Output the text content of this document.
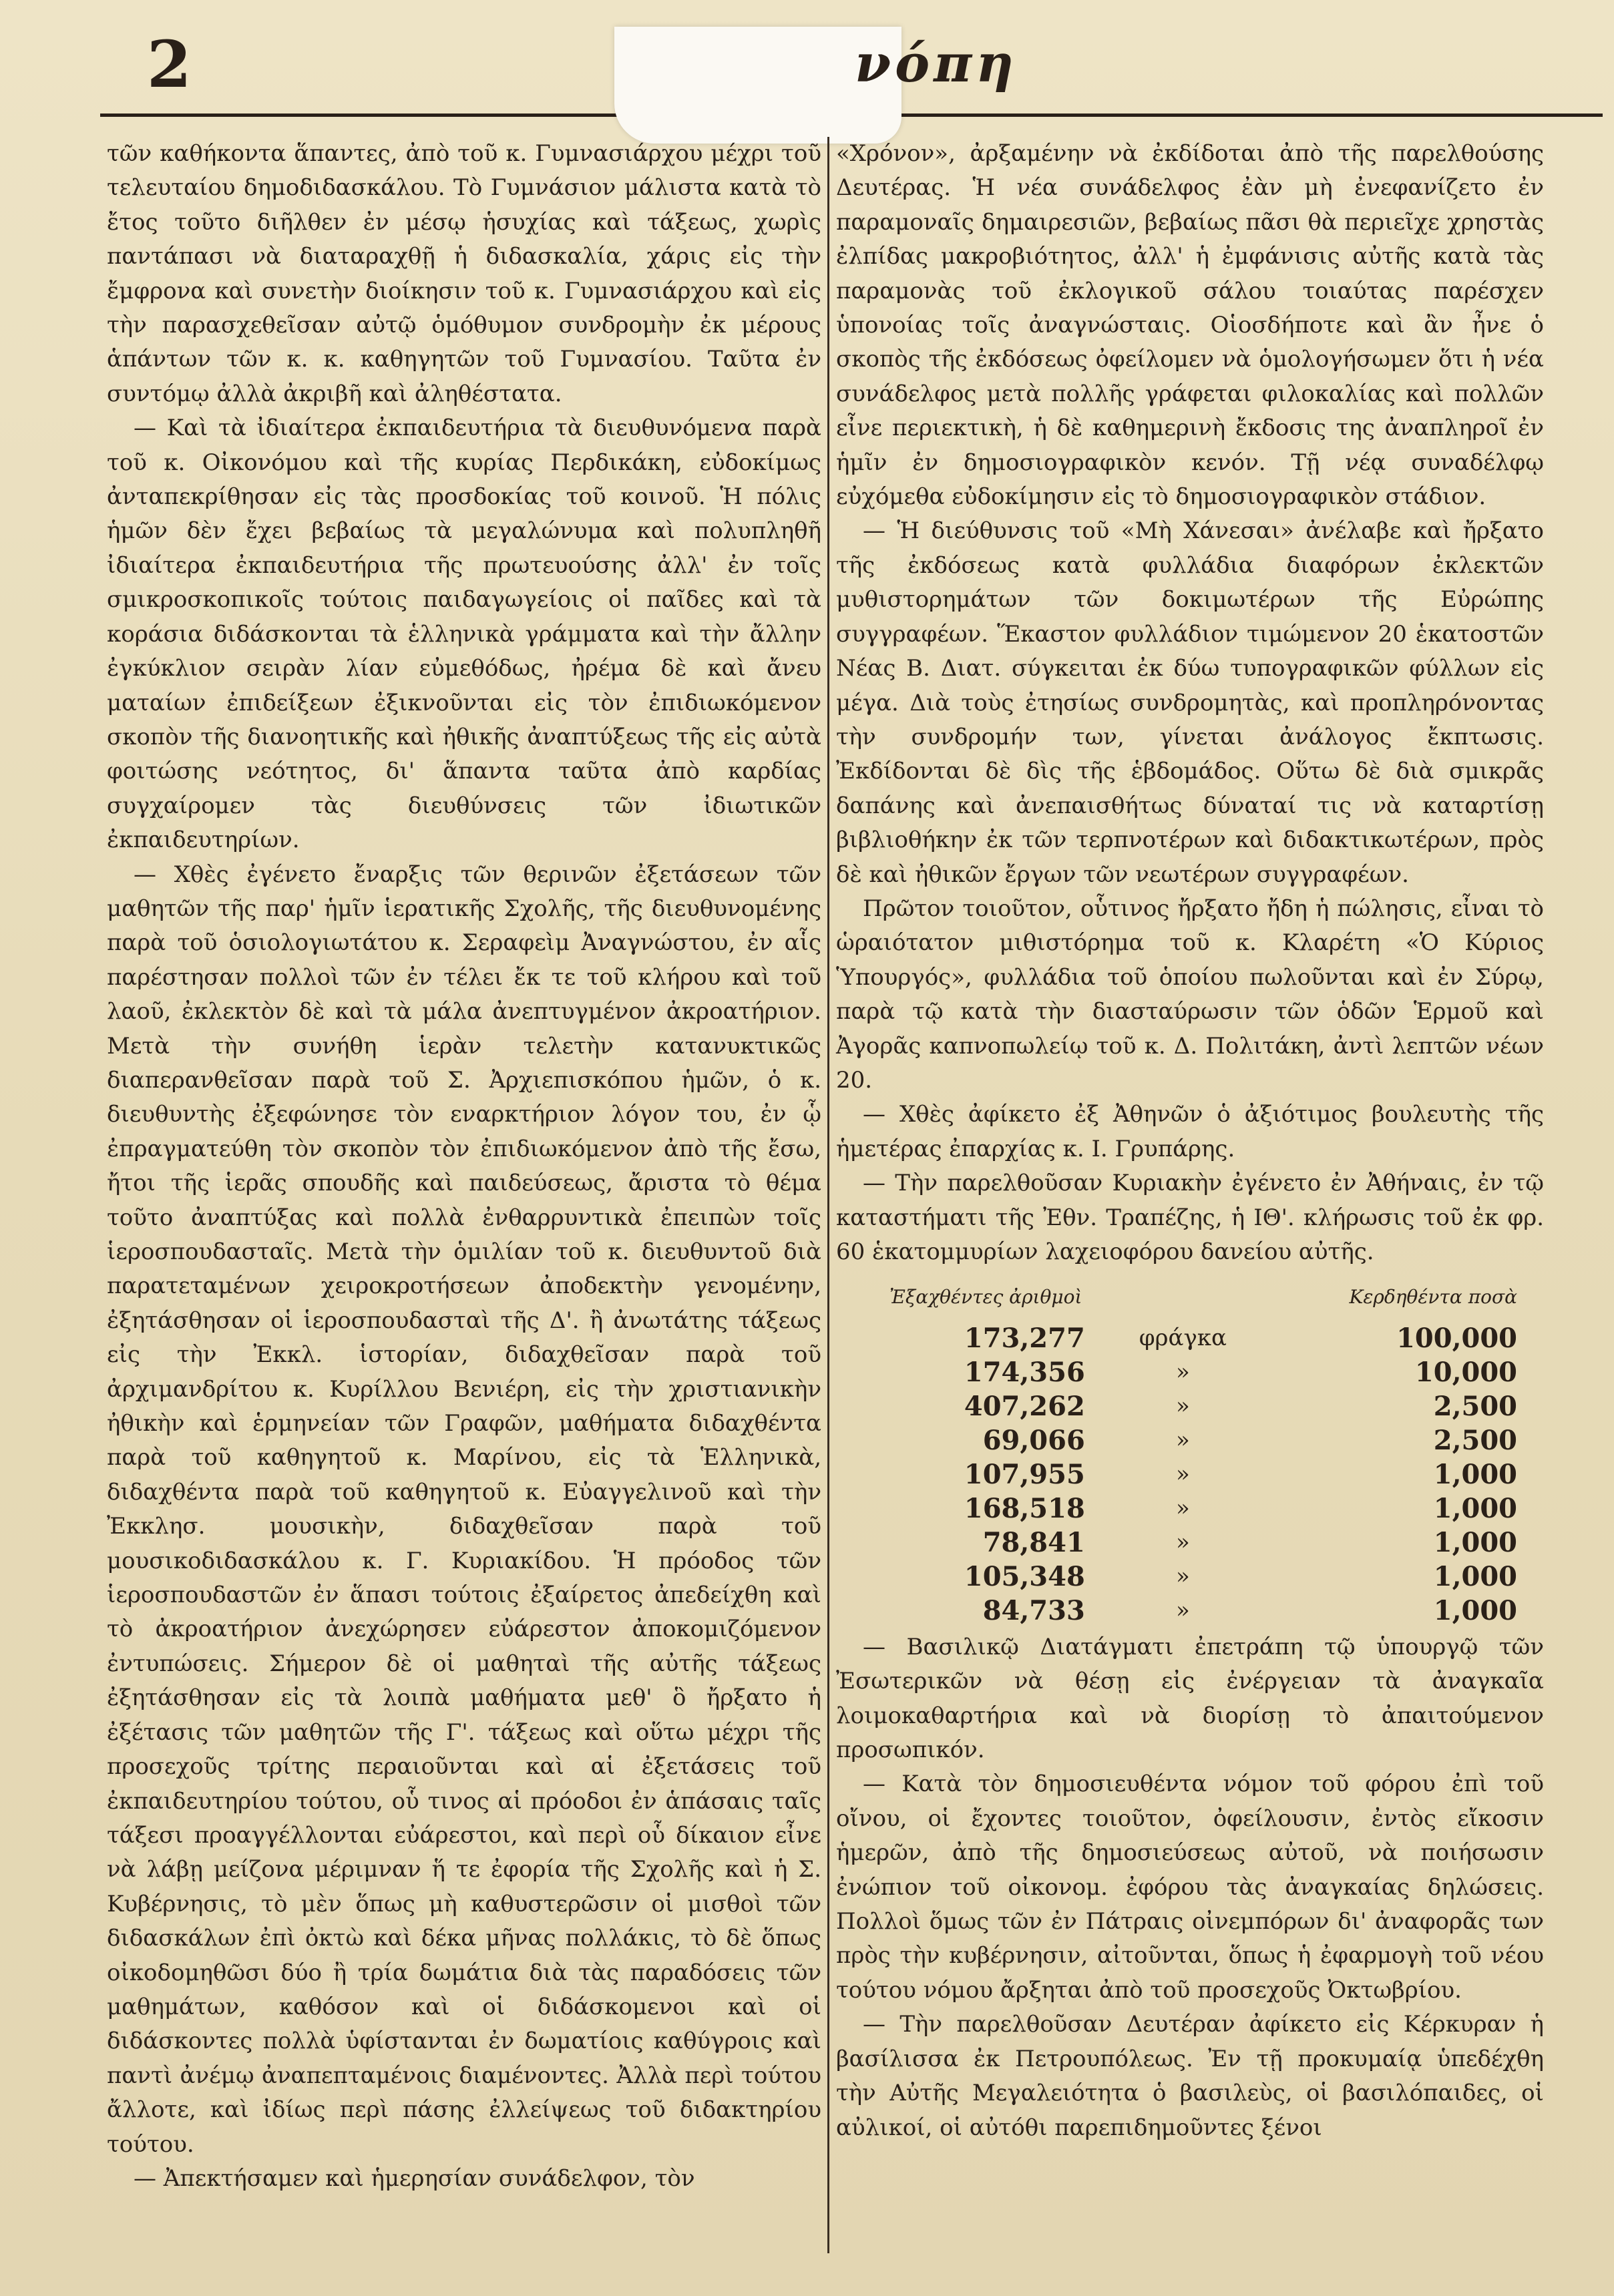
2	νόπη

τῶν καθήκοντα ἅπαντες, ἀπὸ τοῦ κ. Γυμνασιάρχου μέχρι τοῦ τελευταίου δημοδιδασκάλου. Τὸ Γυμνάσιον μάλιστα κατὰ τὸ ἔτος τοῦτο διῆλθεν ἐν μέσῳ ἡσυχίας καὶ τάξεως, χωρὶς παντάπασι νὰ διαταραχθῇ ἡ διδασκαλία, χάρις εἰς τὴν ἔμφρονα καὶ συνετὴν διοίκησιν τοῦ κ. Γυμνασιάρχου καὶ εἰς τὴν παρασχεθεῖσαν αὐτῷ ὁμόθυμον συνδρομὴν ἐκ μέρους ἁπάντων τῶν κ. κ. καθηγητῶν τοῦ Γυμνασίου. Ταῦτα ἐν συντόμῳ ἀλλὰ ἀκριβῆ καὶ ἀληθέστατα.

— Καὶ τὰ ἰδιαίτερα ἐκπαιδευτήρια τὰ διευθυνόμενα παρὰ τοῦ κ. Οἰκονόμου καὶ τῆς κυρίας Περδικάκη, εὐδοκίμως ἀνταπεκρίθησαν εἰς τὰς προσδοκίας τοῦ κοινοῦ. Ἡ πόλις ἡμῶν δὲν ἔχει βεβαίως τὰ μεγαλώνυμα καὶ πολυπληθῆ ἰδιαίτερα ἐκπαιδευτήρια τῆς πρωτευούσης ἀλλ' ἐν τοῖς σμικροσκοπικοῖς τούτοις παιδαγωγείοις οἱ παῖδες καὶ τὰ κοράσια διδάσκονται τὰ ἑλληνικὰ γράμματα καὶ τὴν ἄλλην ἐγκύκλιον σειρὰν λίαν εὐμεθόδως, ἠρέμα δὲ καὶ ἄνευ ματαίων ἐπιδείξεων ἐξικνοῦνται εἰς τὸν ἐπιδιωκόμενον σκοπὸν τῆς διανοητικῆς καὶ ἠθικῆς ἀναπτύξεως τῆς εἰς αὐτὰ φοιτώσης νεότητος, δι' ἅπαντα ταῦτα ἀπὸ καρδίας συγχαίρομεν τὰς διευθύνσεις τῶν ἰδιωτικῶν ἐκπαιδευτηρίων.

— Χθὲς ἐγένετο ἔναρξις τῶν θερινῶν ἐξετάσεων τῶν μαθητῶν τῆς παρ' ἡμῖν ἱερατικῆς Σχολῆς, τῆς διευθυνομένης παρὰ τοῦ ὁσιολογιωτάτου κ. Σεραφεὶμ Ἀναγνώστου, ἐν αἷς παρέστησαν πολλοὶ τῶν ἐν τέλει ἔκ τε τοῦ κλήρου καὶ τοῦ λαοῦ, ἐκλεκτὸν δὲ καὶ τὰ μάλα ἀνεπτυγμένον ἀκροατήριον. Μετὰ τὴν συνήθη ἱερὰν τελετὴν κατανυκτικῶς διαπερανθεῖσαν παρὰ τοῦ Σ. Ἀρχιεπισκόπου ἡμῶν, ὁ κ. διευθυντὴς ἐξεφώνησε τὸν εναρκτήριον λόγον του, ἐν ᾧ ἐπραγματεύθη τὸν σκοπὸν τὸν ἐπιδιωκόμενον ἀπὸ τῆς ἔσω, ἤτοι τῆς ἱερᾶς σπουδῆς καὶ παιδεύσεως, ἄριστα τὸ θέμα τοῦτο ἀναπτύξας καὶ πολλὰ ἐνθαρρυντικὰ ἐπειπὼν τοῖς ἱεροσπουδασταῖς. Μετὰ τὴν ὁμιλίαν τοῦ κ. διευθυντοῦ διὰ παρατεταμένων χειροκροτήσεων ἀποδεκτὴν γενομένην, ἐξητάσθησαν οἱ ἱεροσπουδασταὶ τῆς Δ'. ἢ ἀνωτάτης τάξεως εἰς τὴν Ἐκκλ. ἱστορίαν, διδαχθεῖσαν παρὰ τοῦ ἀρχιμανδρίτου κ. Κυρίλλου Βενιέρη, εἰς τὴν χριστιανικὴν ἠθικὴν καὶ ἑρμηνείαν τῶν Γραφῶν, μαθήματα διδαχθέντα παρὰ τοῦ καθηγητοῦ κ. Μαρίνου, εἰς τὰ Ἑλληνικὰ, διδαχθέντα παρὰ τοῦ καθηγητοῦ κ. Εὐαγγελινοῦ καὶ τὴν Ἐκκλησ. μουσικὴν, διδαχθεῖσαν παρὰ τοῦ μουσικοδιδασκάλου κ. Γ. Κυριακίδου. Ἡ πρόοδος τῶν ἱεροσπουδαστῶν ἐν ἅπασι τούτοις ἐξαίρετος ἀπεδείχθη καὶ τὸ ἀκροατήριον ἀνεχώρησεν εὐάρεστον ἀποκομιζόμενον ἐντυπώσεις. Σήμερον δὲ οἱ μαθηταὶ τῆς αὐτῆς τάξεως ἐξητάσθησαν εἰς τὰ λοιπὰ μαθήματα μεθ' ὃ ἤρξατο ἡ ἐξέτασις τῶν μαθητῶν τῆς Γ'. τάξεως καὶ οὕτω μέχρι τῆς προσεχοῦς τρίτης περαιοῦνται καὶ αἱ ἐξετάσεις τοῦ ἐκπαιδευτηρίου τούτου, οὗ τινος αἱ πρόοδοι ἐν ἁπάσαις ταῖς τάξεσι προαγγέλλονται εὐάρεστοι, καὶ περὶ οὗ δίκαιον εἶνε νὰ λάβῃ μείζονα μέριμναν ἥ τε ἐφορία τῆς Σχολῆς καὶ ἡ Σ. Κυβέρνησις, τὸ μὲν ὅπως μὴ καθυστερῶσιν οἱ μισθοὶ τῶν διδασκάλων ἐπὶ ὀκτὼ καὶ δέκα μῆνας πολλάκις, τὸ δὲ ὅπως οἰκοδομηθῶσι δύο ἢ τρία δωμάτια διὰ τὰς παραδόσεις τῶν μαθημάτων, καθόσον καὶ οἱ διδάσκομενοι καὶ οἱ διδάσκοντες πολλὰ ὑφίστανται ἐν δωματίοις καθύγροις καὶ παντὶ ἀνέμῳ ἀναπεπταμένοις διαμένοντες. Ἀλλὰ περὶ τούτου ἄλλοτε, καὶ ἰδίως περὶ πάσης ἐλλείψεως τοῦ διδακτηρίου τούτου.

— Ἀπεκτήσαμεν καὶ ἡμερησίαν συνάδελφον, τὸν

«Χρόνον», ἀρξαμένην νὰ ἐκδίδοται ἀπὸ τῆς παρελθούσης Δευτέρας. Ἡ νέα συνάδελφος ἐὰν μὴ ἐνεφανίζετο ἐν παραμοναῖς δημαιρεσιῶν, βεβαίως πᾶσι θὰ περιεῖχε χρηστὰς ἐλπίδας μακροβιότητος, ἀλλ' ἡ ἐμφάνισις αὐτῆς κατὰ τὰς παραμονὰς τοῦ ἐκλογικοῦ σάλου τοιαύτας παρέσχεν ὑπονοίας τοῖς ἀναγνώσταις. Οἱοσδήποτε καὶ ἂν ἦνε ὁ σκοπὸς τῆς ἐκδόσεως ὀφείλομεν νὰ ὁμολογήσωμεν ὅτι ἡ νέα συνάδελφος μετὰ πολλῆς γράφεται φιλοκαλίας καὶ πολλῶν εἶνε περιεκτικὴ, ἡ δὲ καθημερινὴ ἔκδοσις της ἀναπληροῖ ἐν ἡμῖν ἐν δημοσιογραφικὸν κενόν. Τῇ νέᾳ συναδέλφῳ εὐχόμεθα εὐδοκίμησιν εἰς τὸ δημοσιογραφικὸν στάδιον.

— Ἡ διεύθυνσις τοῦ «Μὴ Χάνεσαι» ἀνέλαβε καὶ ἤρξατο τῆς ἐκδόσεως κατὰ φυλλάδια διαφόρων ἐκλεκτῶν μυθιστορημάτων τῶν δοκιμωτέρων τῆς Εὐρώπης συγγραφέων. Ἕκαστον φυλλάδιον τιμώμενον 20 ἑκατοστῶν Νέας Β. Διατ. σύγκειται ἐκ δύω τυπογραφικῶν φύλλων εἰς μέγα. Διὰ τοὺς ἐτησίως συνδρομητὰς, καὶ προπληρόνοντας τὴν συνδρομήν των, γίνεται ἀνάλογος ἔκπτωσις. Ἐκδίδονται δὲ δὶς τῆς ἑβδομάδος. Οὕτω δὲ διὰ σμικρᾶς δαπάνης καὶ ἀνεπαισθήτως δύναταί τις νὰ καταρτίσῃ βιβλιοθήκην ἐκ τῶν τερπνοτέρων καὶ διδακτικωτέρων, πρὸς δὲ καὶ ἠθικῶν ἔργων τῶν νεωτέρων συγγραφέων.

Πρῶτον τοιοῦτον, οὗτινος ἤρξατο ἤδη ἡ πώλησις, εἶναι τὸ ὡραιότατον μιθιστόρημα τοῦ κ. Κλαρέτη «Ὁ Κύριος Ὑπουργός», φυλλάδια τοῦ ὁποίου πωλοῦνται καὶ ἐν Σύρῳ, παρὰ τῷ κατὰ τὴν διασταύρωσιν τῶν ὁδῶν Ἑρμοῦ καὶ Ἀγορᾶς καπνοπωλείῳ τοῦ κ. Δ. Πολιτάκη, ἀντὶ λεπτῶν νέων 20.

— Χθὲς ἀφίκετο ἐξ Ἀθηνῶν ὁ ἀξιότιμος βουλευτὴς τῆς ἡμετέρας ἐπαρχίας κ. Ι. Γρυπάρης.

— Τὴν παρελθοῦσαν Κυριακὴν ἐγένετο ἐν Ἀθήναις, ἐν τῷ καταστήματι τῆς Ἐθν. Τραπέζης, ἡ ΙΘ'. κλήρωσις τοῦ ἐκ φρ. 60 ἑκατομμυρίων λαχειοφόρου δανείου αὐτῆς.

Ἐξαχθέντες ἀριθμοὶ		Κερδηθέντα ποσὰ
173,277	φράγκα	100,000
174,356	»	10,000
407,262	»	2,500
69,066	»	2,500
107,955	»	1,000
168,518	»	1,000
78,841	»	1,000
105,348	»	1,000
84,733	»	1,000

— Βασιλικῷ Διατάγματι ἐπετράπη τῷ ὑπουργῷ τῶν Ἐσωτερικῶν νὰ θέσῃ εἰς ἐνέργειαν τὰ ἀναγκαῖα λοιμοκαθαρτήρια καὶ νὰ διορίσῃ τὸ ἀπαιτούμενον προσωπικόν.

— Κατὰ τὸν δημοσιευθέντα νόμον τοῦ φόρου ἐπὶ τοῦ οἴνου, οἱ ἔχοντες τοιοῦτον, ὀφείλουσιν, ἐντὸς εἴκοσιν ἡμερῶν, ἀπὸ τῆς δημοσιεύσεως αὐτοῦ, νὰ ποιήσωσιν ἐνώπιον τοῦ οἰκονομ. ἐφόρου τὰς ἀναγκαίας δηλώσεις. Πολλοὶ ὅμως τῶν ἐν Πάτραις οἰνεμπόρων δι' ἀναφορᾶς των πρὸς τὴν κυβέρνησιν, αἰτοῦνται, ὅπως ἡ ἐφαρμογὴ τοῦ νέου τούτου νόμου ἄρξηται ἀπὸ τοῦ προσεχοῦς Ὀκτωβρίου.

— Τὴν παρελθοῦσαν Δευτέραν ἀφίκετο εἰς Κέρκυραν ἡ βασίλισσα ἐκ Πετρουπόλεως. Ἐν τῇ προκυμαίᾳ ὑπεδέχθη τὴν Αὐτῆς Μεγαλειότητα ὁ βασιλεὺς, οἱ βασιλόπαιδες, οἱ αὐλικοί, οἱ αὐτόθι παρεπιδημοῦντες ξένοι
